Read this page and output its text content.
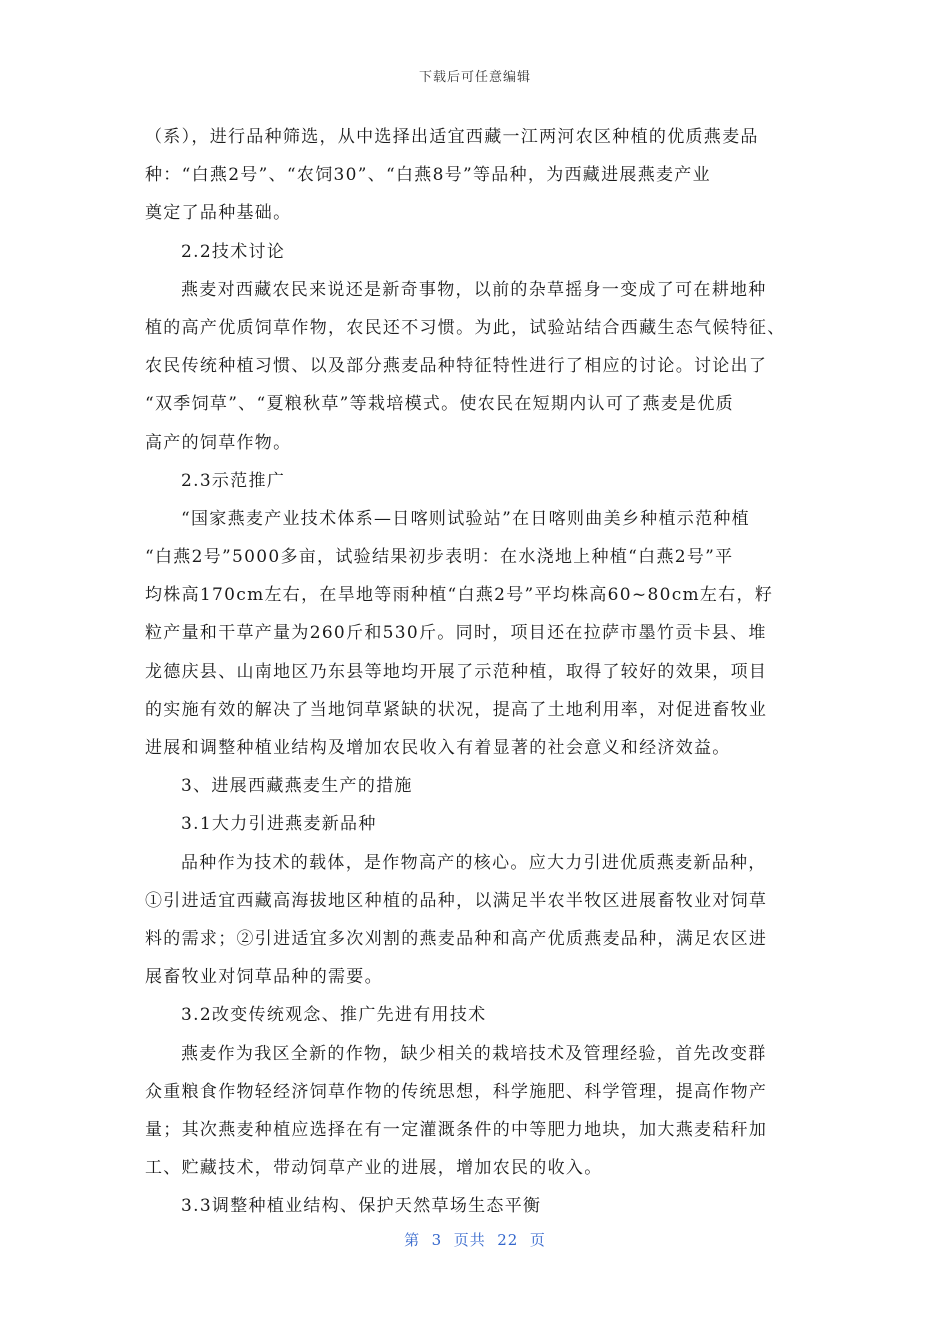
下载后可任意编辑
（系），进行品种筛选，从中选择出适宜西藏一江两河农区种植的优质燕麦品
种：“白燕2号”、“农饲30”、“白燕8号”等品种，为西藏进展燕麦产业
奠定了品种基础。
2.2技术讨论
燕麦对西藏农民来说还是新奇事物，以前的杂草摇身一变成了可在耕地种
植的高产优质饲草作物，农民还不习惯。为此，试验站结合西藏生态气候特征、
农民传统种植习惯、以及部分燕麦品种特征特性进行了相应的讨论。讨论出了
“双季饲草”、“夏粮秋草”等栽培模式。使农民在短期内认可了燕麦是优质
高产的饲草作物。
2.3示范推广
“国家燕麦产业技术体系—日喀则试验站”在日喀则曲美乡种植示范种植
“白燕2号”5000多亩，试验结果初步表明：在水浇地上种植“白燕2号”平
均株高170cm左右，在旱地等雨种植“白燕2号”平均株高60~80cm左右，籽
粒产量和干草产量为260斤和530斤。同时，项目还在拉萨市墨竹贡卡县、堆
龙德庆县、山南地区乃东县等地均开展了示范种植，取得了较好的效果，项目
的实施有效的解决了当地饲草紧缺的状况，提高了土地利用率，对促进畜牧业
进展和调整种植业结构及增加农民收入有着显著的社会意义和经济效益。
3、进展西藏燕麦生产的措施
3.1大力引进燕麦新品种
品种作为技术的载体，是作物高产的核心。应大力引进优质燕麦新品种，
①引进适宜西藏高海拔地区种植的品种，以满足半农半牧区进展畜牧业对饲草
料的需求；②引进适宜多次刈割的燕麦品种和高产优质燕麦品种，满足农区进
展畜牧业对饲草品种的需要。
3.2改变传统观念、推广先进有用技术
燕麦作为我区全新的作物，缺少相关的栽培技术及管理经验，首先改变群
众重粮食作物轻经济饲草作物的传统思想，科学施肥、科学管理，提高作物产
量；其次燕麦种植应选择在有一定灌溉条件的中等肥力地块，加大燕麦秸秆加
工、贮藏技术，带动饲草产业的进展，增加农民的收入。
3.3调整种植业结构、保护天然草场生态平衡
第  3  页共  22  页
